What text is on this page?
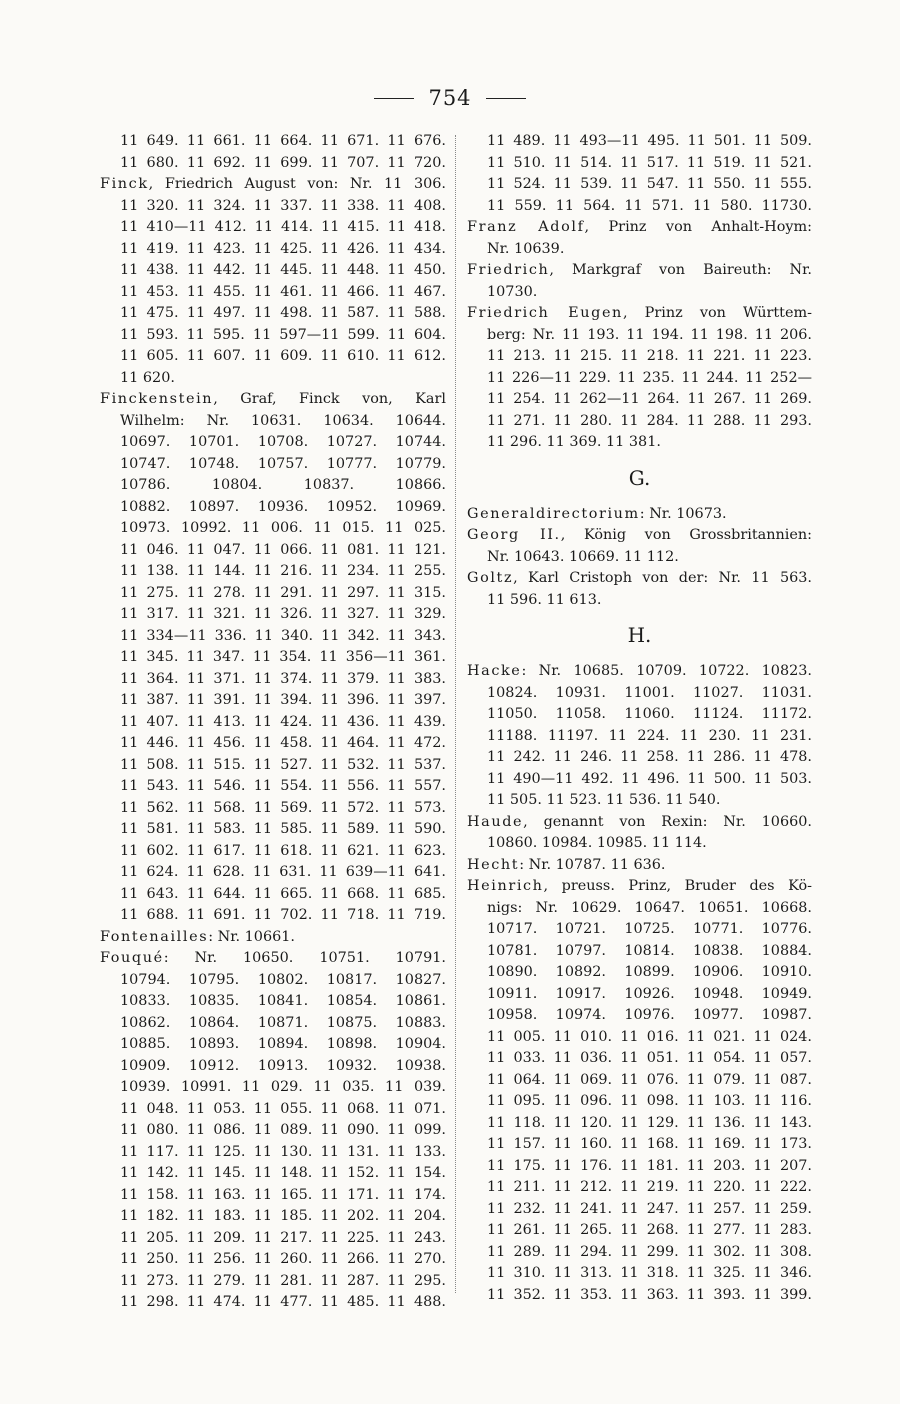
754
11 649. 11 661. 11 664. 11 671. 11 676.
11 680. 11 692. 11 699. 11 707. 11 720.
Finck, Friedrich August von: Nr. 11 306.
11 320. 11 324. 11 337. 11 338. 11 408.
11 410—11 412. 11 414. 11 415. 11 418.
11 419. 11 423. 11 425. 11 426. 11 434.
11 438. 11 442. 11 445. 11 448. 11 450.
11 453. 11 455. 11 461. 11 466. 11 467.
11 475. 11 497. 11 498. 11 587. 11 588.
11 593. 11 595. 11 597—11 599. 11 604.
11 605. 11 607. 11 609. 11 610. 11 612.
11 620.
Finckenstein, Graf, Finck von, Karl
Wilhelm: Nr. 10631. 10634. 10644.
10697. 10701. 10708. 10727. 10744.
10747. 10748. 10757. 10777. 10779.
10786. 10804. 10837. 10866.
10882. 10897. 10936. 10952. 10969.
10973. 10992. 11 006. 11 015. 11 025.
11 046. 11 047. 11 066. 11 081. 11 121.
11 138. 11 144. 11 216. 11 234. 11 255.
11 275. 11 278. 11 291. 11 297. 11 315.
11 317. 11 321. 11 326. 11 327. 11 329.
11 334—11 336. 11 340. 11 342. 11 343.
11 345. 11 347. 11 354. 11 356—11 361.
11 364. 11 371. 11 374. 11 379. 11 383.
11 387. 11 391. 11 394. 11 396. 11 397.
11 407. 11 413. 11 424. 11 436. 11 439.
11 446. 11 456. 11 458. 11 464. 11 472.
11 508. 11 515. 11 527. 11 532. 11 537.
11 543. 11 546. 11 554. 11 556. 11 557.
11 562. 11 568. 11 569. 11 572. 11 573.
11 581. 11 583. 11 585. 11 589. 11 590.
11 602. 11 617. 11 618. 11 621. 11 623.
11 624. 11 628. 11 631. 11 639—11 641.
11 643. 11 644. 11 665. 11 668. 11 685.
11 688. 11 691. 11 702. 11 718. 11 719.
Fontenailles: Nr. 10661.
Fouqué: Nr. 10650. 10751. 10791.
10794. 10795. 10802. 10817. 10827.
10833. 10835. 10841. 10854. 10861.
10862. 10864. 10871. 10875. 10883.
10885. 10893. 10894. 10898. 10904.
10909. 10912. 10913. 10932. 10938.
10939. 10991. 11 029. 11 035. 11 039.
11 048. 11 053. 11 055. 11 068. 11 071.
11 080. 11 086. 11 089. 11 090. 11 099.
11 117. 11 125. 11 130. 11 131. 11 133.
11 142. 11 145. 11 148. 11 152. 11 154.
11 158. 11 163. 11 165. 11 171. 11 174.
11 182. 11 183. 11 185. 11 202. 11 204.
11 205. 11 209. 11 217. 11 225. 11 243.
11 250. 11 256. 11 260. 11 266. 11 270.
11 273. 11 279. 11 281. 11 287. 11 295.
11 298. 11 474. 11 477. 11 485. 11 488.
11 489. 11 493—11 495. 11 501. 11 509.
11 510. 11 514. 11 517. 11 519. 11 521.
11 524. 11 539. 11 547. 11 550. 11 555.
11 559. 11 564. 11 571. 11 580. 11730.
Franz Adolf, Prinz von Anhalt-Hoym:
Nr. 10639.
Friedrich, Markgraf von Baireuth: Nr.
10730.
Friedrich Eugen, Prinz von Württem-
berg: Nr. 11 193. 11 194. 11 198. 11 206.
11 213. 11 215. 11 218. 11 221. 11 223.
11 226—11 229. 11 235. 11 244. 11 252—
11 254. 11 262—11 264. 11 267. 11 269.
11 271. 11 280. 11 284. 11 288. 11 293.
11 296. 11 369. 11 381.
G.
Generaldirectorium: Nr. 10673.
Georg II., König von Grossbritannien:
Nr. 10643. 10669. 11 112.
Goltz, Karl Cristoph von der: Nr. 11 563.
11 596. 11 613.
H.
Hacke: Nr. 10685. 10709. 10722. 10823.
10824. 10931. 11001. 11027. 11031.
11050. 11058. 11060. 11124. 11172.
11188. 11197. 11 224. 11 230. 11 231.
11 242. 11 246. 11 258. 11 286. 11 478.
11 490—11 492. 11 496. 11 500. 11 503.
11 505. 11 523. 11 536. 11 540.
Haude, genannt von Rexin: Nr. 10660.
10860. 10984. 10985. 11 114.
Hecht: Nr. 10787. 11 636.
Heinrich, preuss. Prinz, Bruder des Kö-
nigs: Nr. 10629. 10647. 10651. 10668.
10717. 10721. 10725. 10771. 10776.
10781. 10797. 10814. 10838. 10884.
10890. 10892. 10899. 10906. 10910.
10911. 10917. 10926. 10948. 10949.
10958. 10974. 10976. 10977. 10987.
11 005. 11 010. 11 016. 11 021. 11 024.
11 033. 11 036. 11 051. 11 054. 11 057.
11 064. 11 069. 11 076. 11 079. 11 087.
11 095. 11 096. 11 098. 11 103. 11 116.
11 118. 11 120. 11 129. 11 136. 11 143.
11 157. 11 160. 11 168. 11 169. 11 173.
11 175. 11 176. 11 181. 11 203. 11 207.
11 211. 11 212. 11 219. 11 220. 11 222.
11 232. 11 241. 11 247. 11 257. 11 259.
11 261. 11 265. 11 268. 11 277. 11 283.
11 289. 11 294. 11 299. 11 302. 11 308.
11 310. 11 313. 11 318. 11 325. 11 346.
11 352. 11 353. 11 363. 11 393. 11 399.
